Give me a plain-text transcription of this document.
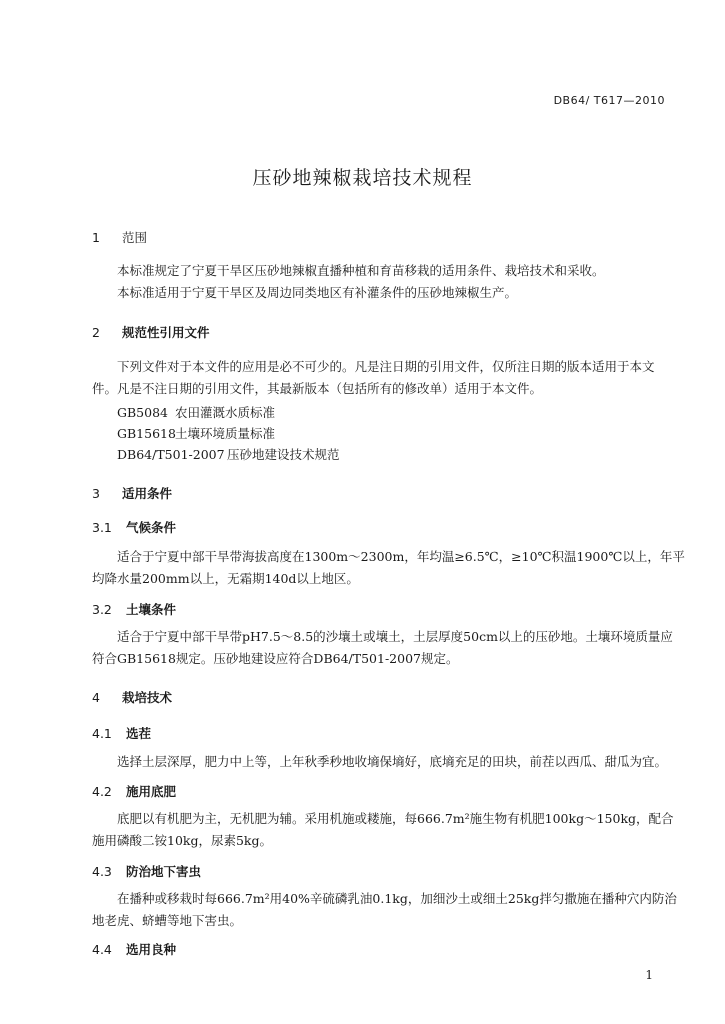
DB64/ T617—2010
压砂地辣椒栽培技术规程
1 范围
本标准规定了宁夏干旱区压砂地辣椒直播种植和育苗移栽的适用条件、栽培技术和采收。
本标准适用于宁夏干旱区及周边同类地区有补灌条件的压砂地辣椒生产。
2 规范性引用文件
下列文件对于本文件的应用是必不可少的。凡是注日期的引用文件，仅所注日期的版本适用于本文
件。凡是不注日期的引用文件，其最新版本（包括所有的修改单）适用于本文件。
GB5084 农田灌溉水质标准
GB15618土壤环境质量标准
DB64/T501-2007 压砂地建设技术规范
3 适用条件
3.1 气候条件
适合于宁夏中部干旱带海拔高度在1300m～2300m，年均温≥6.5℃，≥10℃积温1900℃以上，年平
均降水量200mm以上，无霜期140d以上地区。
3.2 土壤条件
适合于宁夏中部干旱带pH7.5～8.5的沙壤土或壤土，土层厚度50cm以上的压砂地。土壤环境质量应
符合GB15618规定。压砂地建设应符合DB64/T501-2007规定。
4 栽培技术
4.1 选茬
选择土层深厚，肥力中上等，上年秋季秒地收墒保墒好，底墒充足的田块，前茬以西瓜、甜瓜为宜。
4.2 施用底肥
底肥以有机肥为主，无机肥为辅。采用机施或耧施，每666.7m²施生物有机肥100kg～150kg，配合
施用磷酸二铵10kg，尿素5kg。
4.3 防治地下害虫
在播种或移栽时每666.7m²用40%辛硫磷乳油0.1kg，加细沙土或细土25kg拌匀撒施在播种穴内防治
地老虎、蛴螬等地下害虫。
4.4 选用良种
1
